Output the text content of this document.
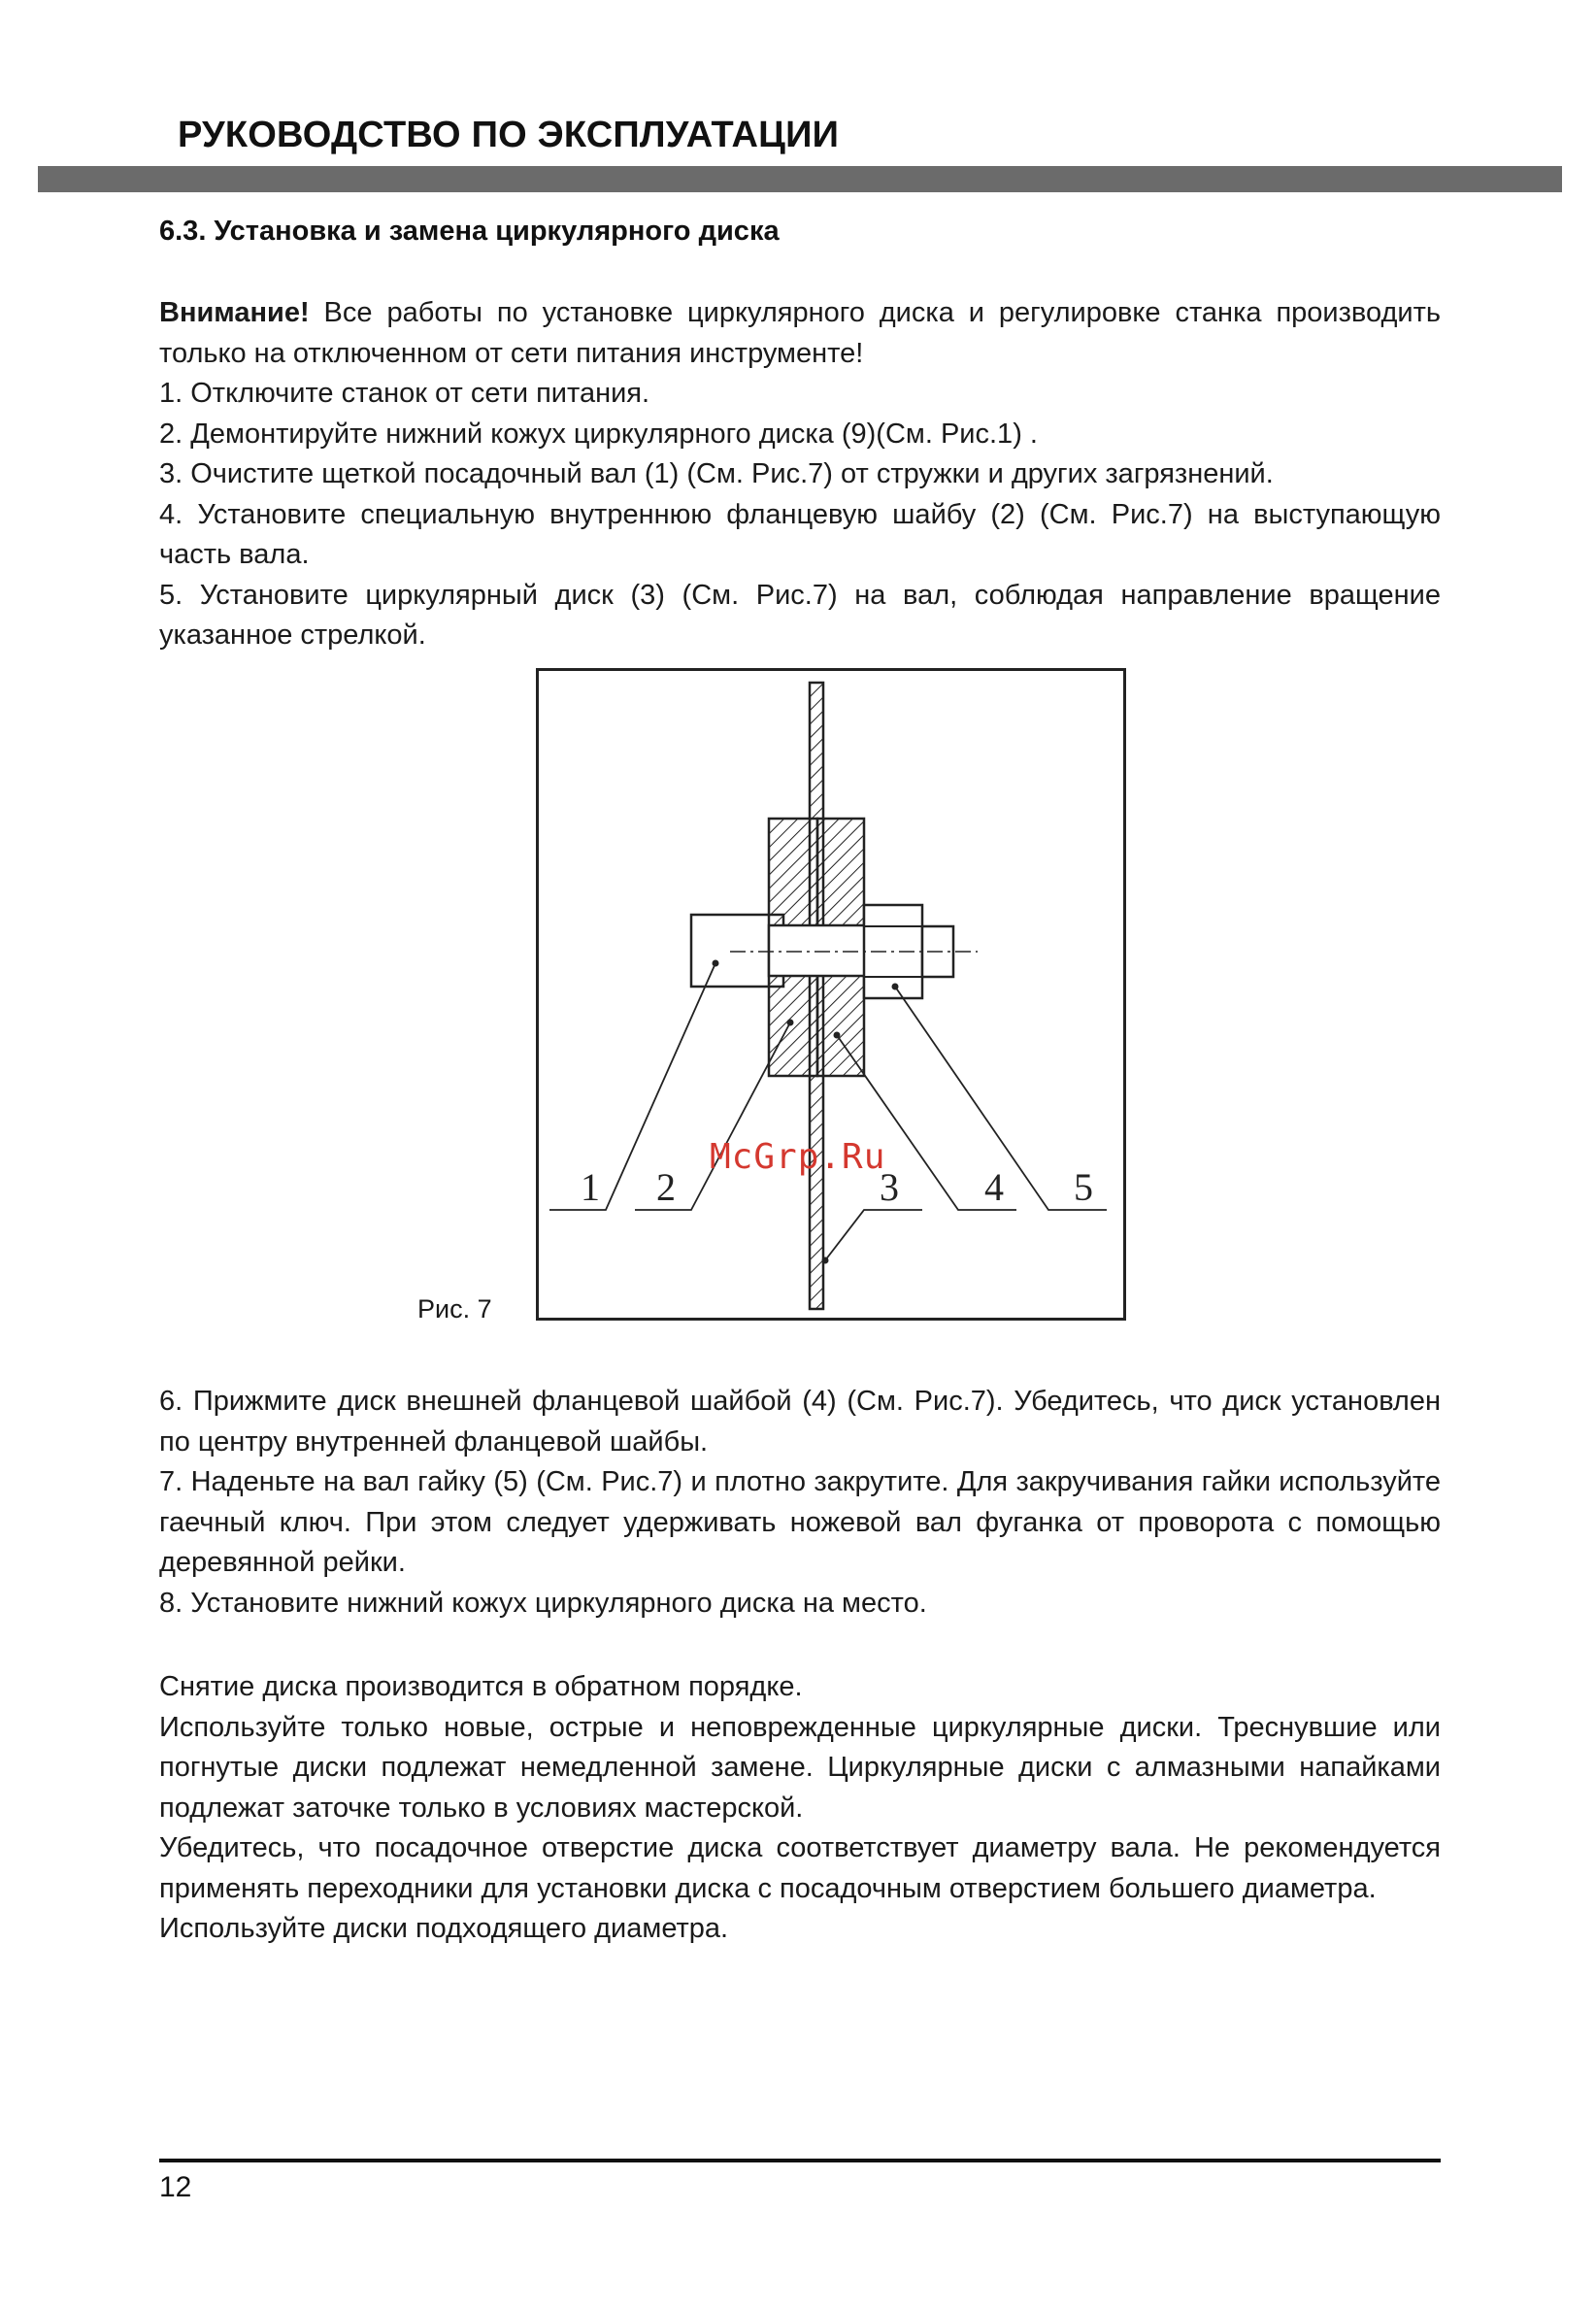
РУКОВОДСТВО ПО ЭКСПЛУАТАЦИИ
6.3. Установка и замена циркулярного диска

Внимание! Все работы по установке циркулярного диска и регулировке станка производить только на отключенном от сети питания инструменте!

1. Отключите станок от сети питания.

2. Демонтируйте нижний кожух циркулярного диска (9)(См. Рис.1) .

3. Очистите щеткой посадочный вал (1) (См. Рис.7) от стружки и других загрязнений.

4. Установите специальную внутреннюю фланцевую шайбу (2) (См. Рис.7) на выступающую часть вала.

5. Установите циркулярный диск (3) (См. Рис.7) на вал, соблюдая направление вращение указанное стрелкой.

1 2	3 4 5
McGrp.Ru
Рис. 7

6. Прижмите диск внешней фланцевой шайбой (4) (См. Рис.7). Убедитесь, что диск установлен по центру внутренней фланцевой шайбы.

7. Наденьте на вал гайку (5) (См. Рис.7) и плотно закрутите. Для закручивания гайки используйте гаечный ключ. При этом следует удерживать ножевой вал фуганка от проворота с помощью деревянной рейки.

8. Установите нижний кожух циркулярного диска на место.

Снятие диска производится в обратном порядке.

Используйте только новые, острые и неповрежденные циркулярные диски. Треснувшие или погнутые диски подлежат немедленной замене. Циркулярные диски с алмазными напайками подлежат заточке только в условиях мастерской.

Убедитесь, что посадочное отверстие диска соответствует диаметру вала. Не рекомендуется применять переходники для установки диска с посадочным отверстием большего диаметра.

Используйте диски подходящего диаметра.

12
